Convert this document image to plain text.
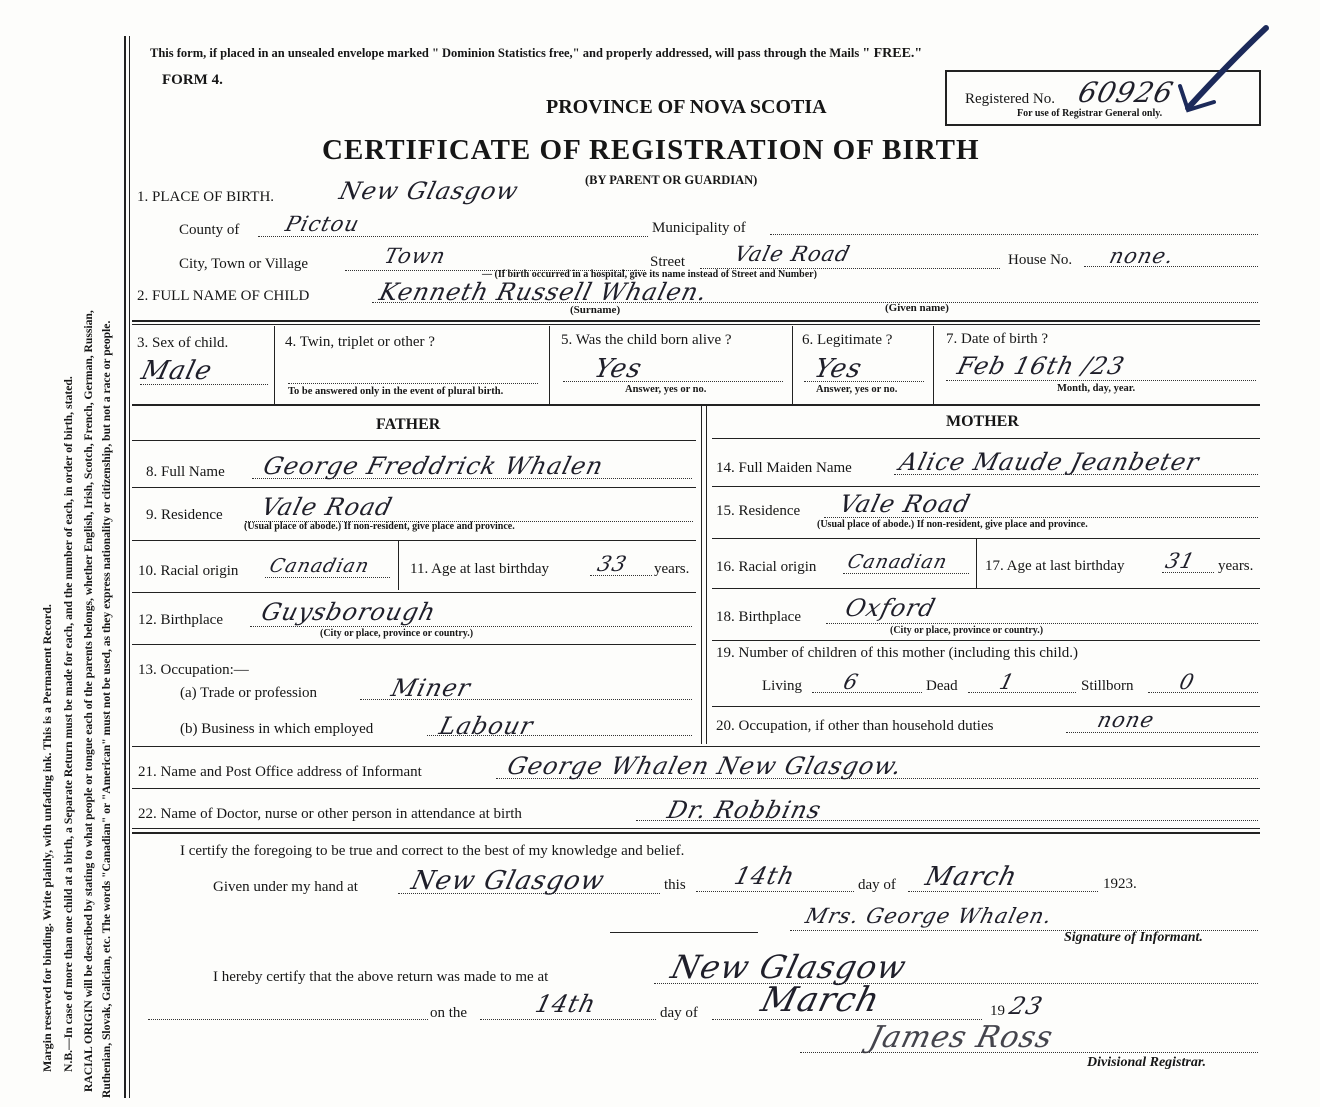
Margin reserved for binding. Write plainly, with unfading ink. This is a Permanent Record. N.B.—In case of more than one child at a birth, a Separate Return must be made for each, and the number of each, in order of birth, stated. RACIAL ORIGIN will be described by stating to what people or tongue each of the parents belongs, whether English, Irish, Scotch, French, German, Russian, Ruthenian, Slovak, Galician, etc. The words "Canadian" or "American" must not be used, as they express nationality or citizenship, but not a race or people.
This form, if placed in an unsealed envelope marked " Dominion Statistics free," and properly addressed, will pass through the Mails " FREE."
FORM 4.
PROVINCE OF NOVA SCOTIA
CERTIFICATE OF REGISTRATION OF BIRTH
(BY PARENT OR GUARDIAN)
Registered No. 60926
For use of Registrar General only.
1. PLACE OF BIRTH.	New Glasgow
County of Pictou	Municipality of
City, Town or Village	Town	Street Vale Road	House No. none.
— (If birth occurred in a hospital, give its name instead of Street and Number)
2. FULL NAME OF CHILD	Kenneth Russell Whalen.
(Surname)	(Given name)
3. Sex of child.
Male
4. Twin, triplet or other ?
To be answered only in the event of plural birth.
5. Was the child born alive ?
Yes
Answer, yes or no.
6. Legitimate ?
Yes
Answer, yes or no.
7. Date of birth ?
Feb 16th /23
Month, day, year.
FATHER	MOTHER
8. Full Name George Freddrick Whalen
9. Residence Vale Road
(Usual place of abode.) If non-resident, give place and province.
10. Racial origin Canadian	11. Age at last birthday 33 years.
12. Birthplace Guysborough
(City or place, province or country.)
13. Occupation:—
(a) Trade or profession	Miner
(b) Business in which employed	Labour
14. Full Maiden Name Alice Maude Jeanbeter
15. Residence Vale Road
(Usual place of abode.) If non-resident, give place and province.
16. Racial origin Canadian 17. Age at last birthday 31 years.
18. Birthplace Oxford
(City or place, province or country.)
19. Number of children of this mother (including this child.)
Living 6	Dead 1	Stillborn 0
20. Occupation, if other than household duties	none
21. Name and Post Office address of Informant	George Whalen New Glasgow.
22. Name of Doctor, nurse or other person in attendance at birth	Dr. Robbins
I certify the foregoing to be true and correct to the best of my knowledge and belief.
Given under my hand at New Glasgow	this 14th	day of March	1923.
Mrs. George Whalen.
Signature of Informant.
I hereby certify that the above return was made to me at	New Glasgow
on the	14th	day of March	19 23
James Ross
Divisional Registrar.
